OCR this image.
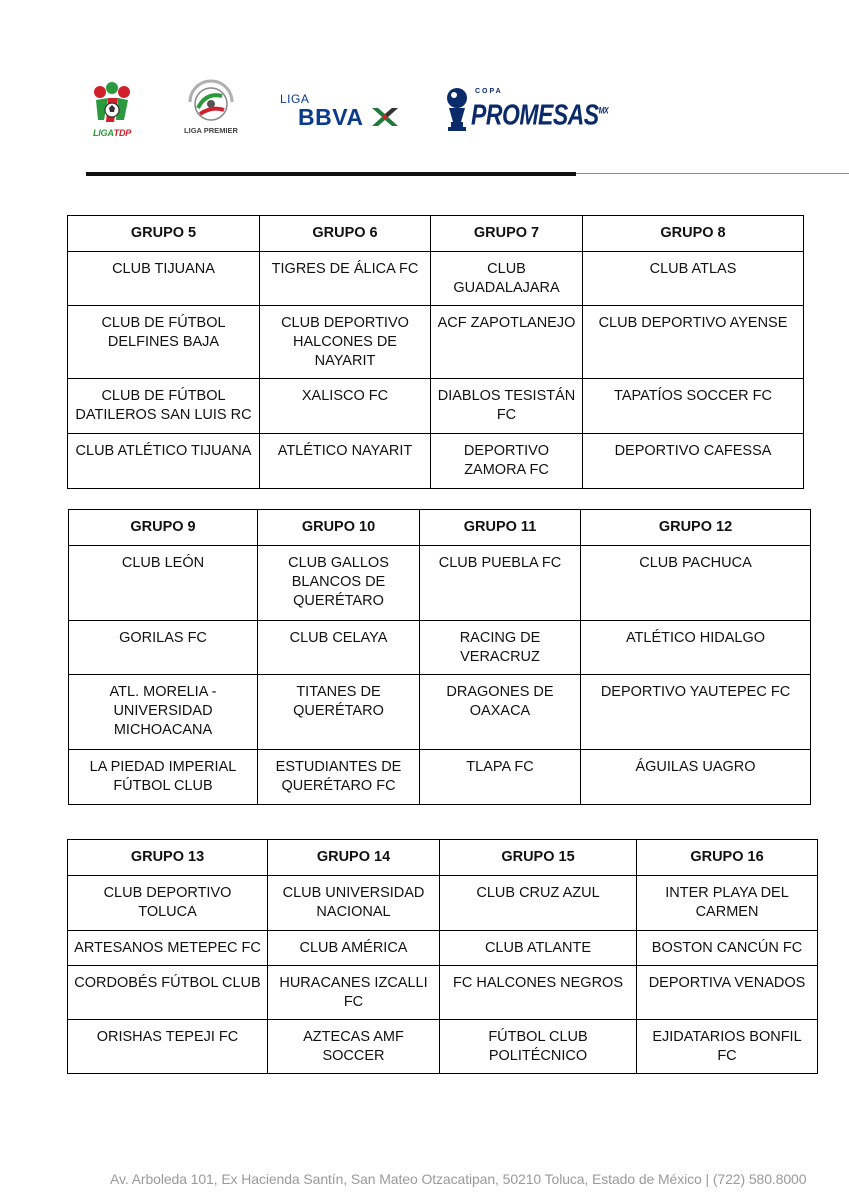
LIGATDP	LIGA PREMIER
LIGA
BBVA
COPA
$PROMESAS^{MX}$
GRUPO 5	GRUPO 6	GRUPO 7	GRUPO 8
CLUB TIJUANA	TIGRES DE ÁLICA FC	CLUB GUADALAJARA	CLUB ATLAS
CLUB DE FÚTBOL DELFINES BAJA	CLUB DEPORTIVO HALCONES DE NAYARIT	ACF ZAPOTLANEJO	CLUB DEPORTIVO AYENSE
CLUB DE FÚTBOL DATILEROS SAN LUIS RC	XALISCO FC	DIABLOS TESISTÁN FC	TAPATÍOS SOCCER FC
CLUB ATLÉTICO TIJUANA	ATLÉTICO NAYARIT	DEPORTIVO ZAMORA FC	DEPORTIVO CAFESSA
GRUPO 9	GRUPO 10	GRUPO 11	GRUPO 12
CLUB LEÓN	CLUB GALLOS BLANCOS DE QUERÉTARO	CLUB PUEBLA FC	CLUB PACHUCA
GORILAS FC	CLUB CELAYA	RACING DE VERACRUZ	ATLÉTICO HIDALGO
ATL. MORELIA - UNIVERSIDAD MICHOACANA	TITANES DE QUERÉTARO	DRAGONES DE OAXACA	DEPORTIVO YAUTEPEC FC
LA PIEDAD IMPERIAL FÚTBOL CLUB	ESTUDIANTES DE QUERÉTARO FC	TLAPA FC	ÁGUILAS UAGRO
GRUPO 13	GRUPO 14	GRUPO 15	GRUPO 16
CLUB DEPORTIVO TOLUCA	CLUB UNIVERSIDAD NACIONAL	CLUB CRUZ AZUL	INTER PLAYA DEL CARMEN
ARTESANOS METEPEC FC	CLUB AMÉRICA	CLUB ATLANTE	BOSTON CANCÚN FC
CORDOBÉS FÚTBOL CLUB	HURACANES IZCALLI FC	FC HALCONES NEGROS	DEPORTIVA VENADOS
ORISHAS TEPEJI FC	AZTECAS AMF SOCCER	FÚTBOL CLUB POLITÉCNICO	EJIDATARIOS BONFIL FC
Av. Arboleda 101, Ex Hacienda Santín, San Mateo Otzacatipan, 50210 Toluca, Estado de México | (722) 580.8000
